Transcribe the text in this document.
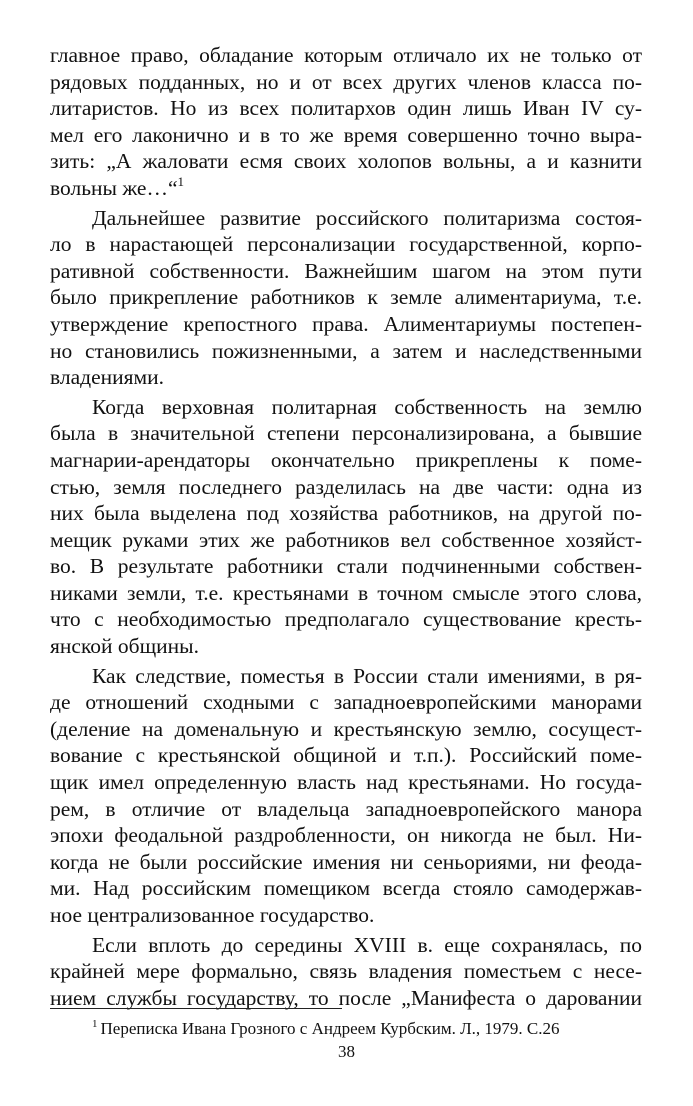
главное право, обладание которым отличало их не только от
рядовых подданных, но и от всех других членов класса по-
литаристов. Но из всех политархов один лишь Иван IV су-
мел его лаконично и в то же время совершенно точно выра-
зить: „А жаловати есмя своих холопов вольны, а и казнити
вольны же…“$^1$
Дальнейшее развитие российского политаризма состоя-
ло в нарастающей персонализации государственной, корпо-
ративной собственности. Важнейшим шагом на этом пути
было прикрепление работников к земле алиментариума, т.е.
утверждение крепостного права. Алиментариумы постепен-
но становились пожизненными, а затем и наследственными
владениями.
Когда верховная политарная собственность на землю
была в значительной степени персонализирована, а бывшие
магнарии-арендаторы окончательно прикреплены к поме-
стью, земля последнего разделилась на две части: одна из
них была выделена под хозяйства работников, на другой по-
мещик руками этих же работников вел собственное хозяйст-
во. В результате работники стали подчиненными собствен-
никами земли, т.е. крестьянами в точном смысле этого слова,
что с необходимостью предполагало существование кресть-
янской общины.
Как следствие, поместья в России стали имениями, в ря-
де отношений сходными с западноевропейскими манорами
(деление на доменальную и крестьянскую землю, сосущест-
вование с крестьянской общиной и т.п.). Российский поме-
щик имел определенную власть над крестьянами. Но госуда-
рем, в отличие от владельца западноевропейского манора
эпохи феодальной раздробленности, он никогда не был. Ни-
когда не были российские имения ни сеньориями, ни феода-
ми. Над российским помещиком всегда стояло самодержав-
ное централизованное государство.
Если вплоть до середины XVIII в. еще сохранялась, по
крайней мере формально, связь владения поместьем с несе-
нием службы государству, то после „Манифеста о даровании
$^1$ Переписка Ивана Грозного с Андреем Курбским. Л., 1979. С.26
38
